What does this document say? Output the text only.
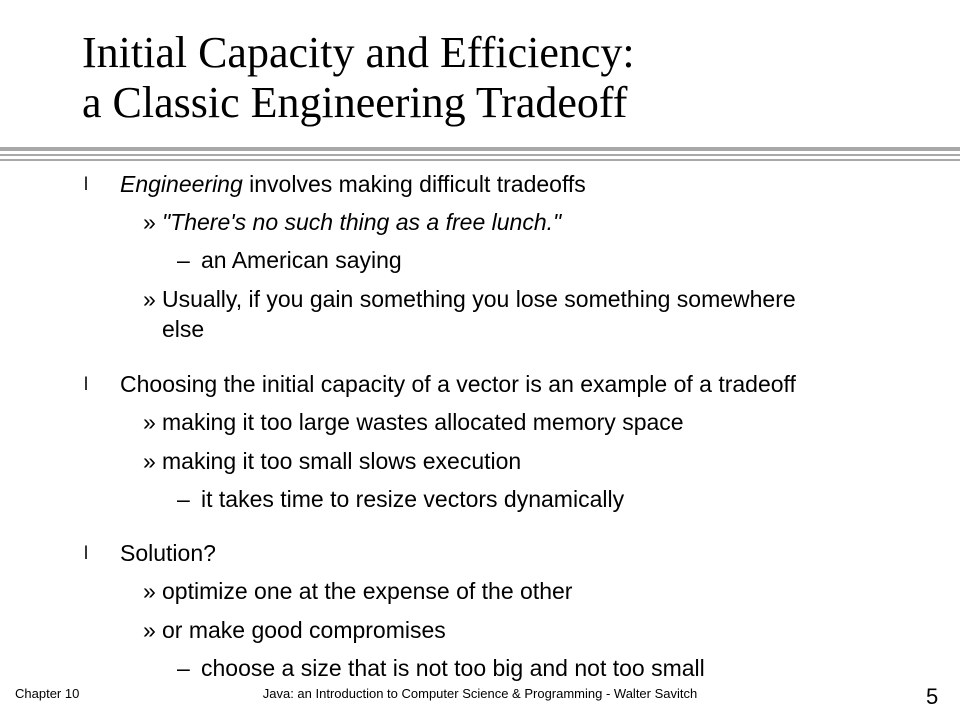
Initial Capacity and Efficiency:
a Classic Engineering Tradeoff
l Engineering involves making difficult tradeoffs
» "There's no such thing as a free lunch."
– an American saying
» Usually, if you gain something you lose something somewhere
else
l Choosing the initial capacity of a vector is an example of a tradeoff
» making it too large wastes allocated memory space
» making it too small slows execution
– it takes time to resize vectors dynamically
l Solution?
» optimize one at the expense of the other
» or make good compromises
– choose a size that is not too big and not too small
Chapter 10	Java: an Introduction to Computer Science & Programming - Walter Savitch	5
